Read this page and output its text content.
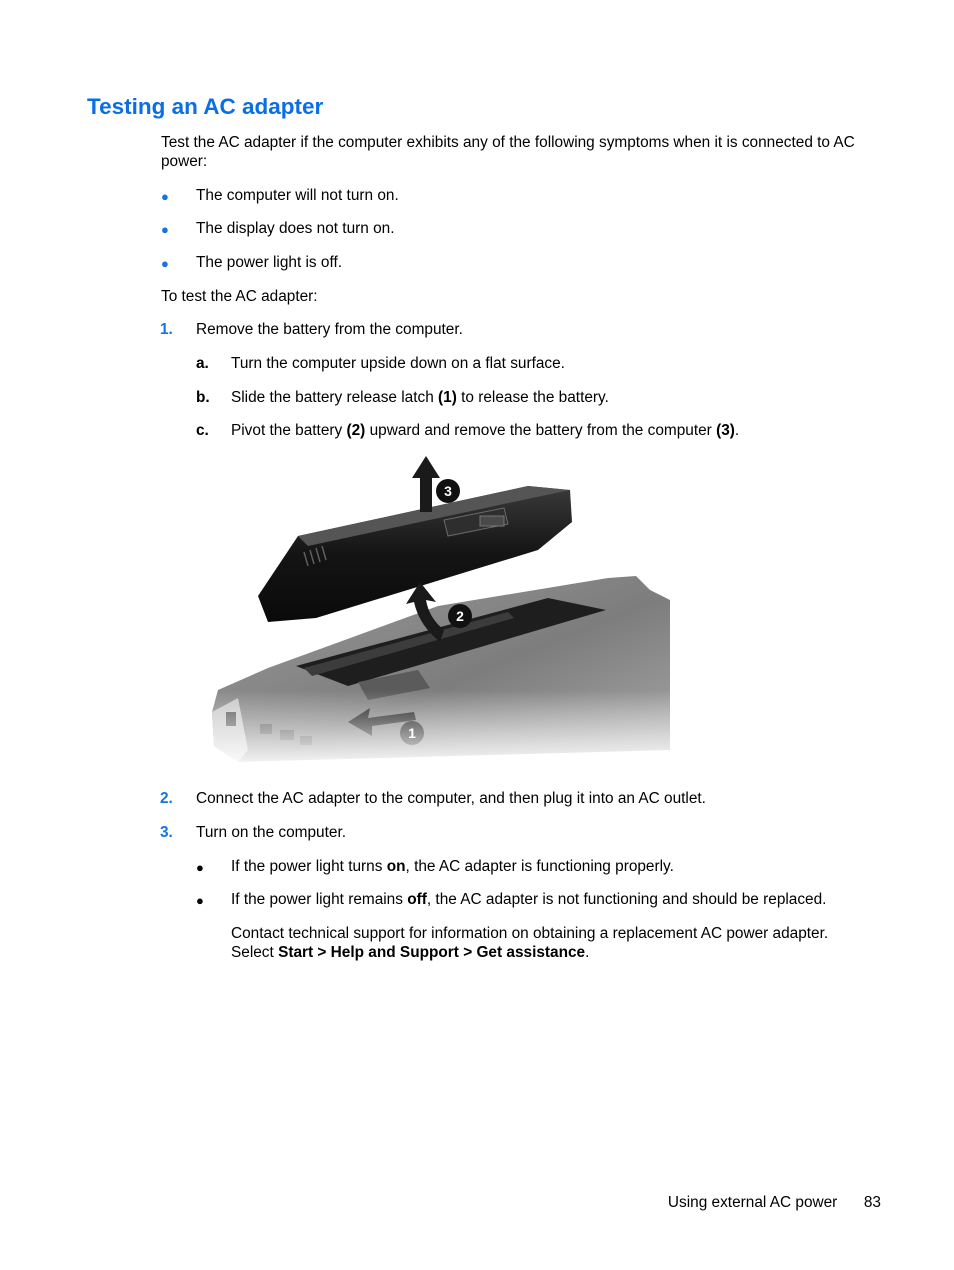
Testing an AC adapter
Test the AC adapter if the computer exhibits any of the following symptoms when it is connected to AC power:
● The computer will not turn on.
● The display does not turn on.
● The power light is off.
To test the AC adapter:
1. Remove the battery from the computer.
a. Turn the computer upside down on a flat surface.
b. Slide the battery release latch (1) to release the battery.
c. Pivot the battery (2) upward and remove the battery from the computer (3).
2. Connect the AC adapter to the computer, and then plug it into an AC outlet.
3. Turn on the computer.
● If the power light turns on, the AC adapter is functioning properly.
● If the power light remains off, the AC adapter is not functioning and should be replaced.
Contact technical support for information on obtaining a replacement AC power adapter.
Select Start > Help and Support > Get assistance.
Using external AC power 83
